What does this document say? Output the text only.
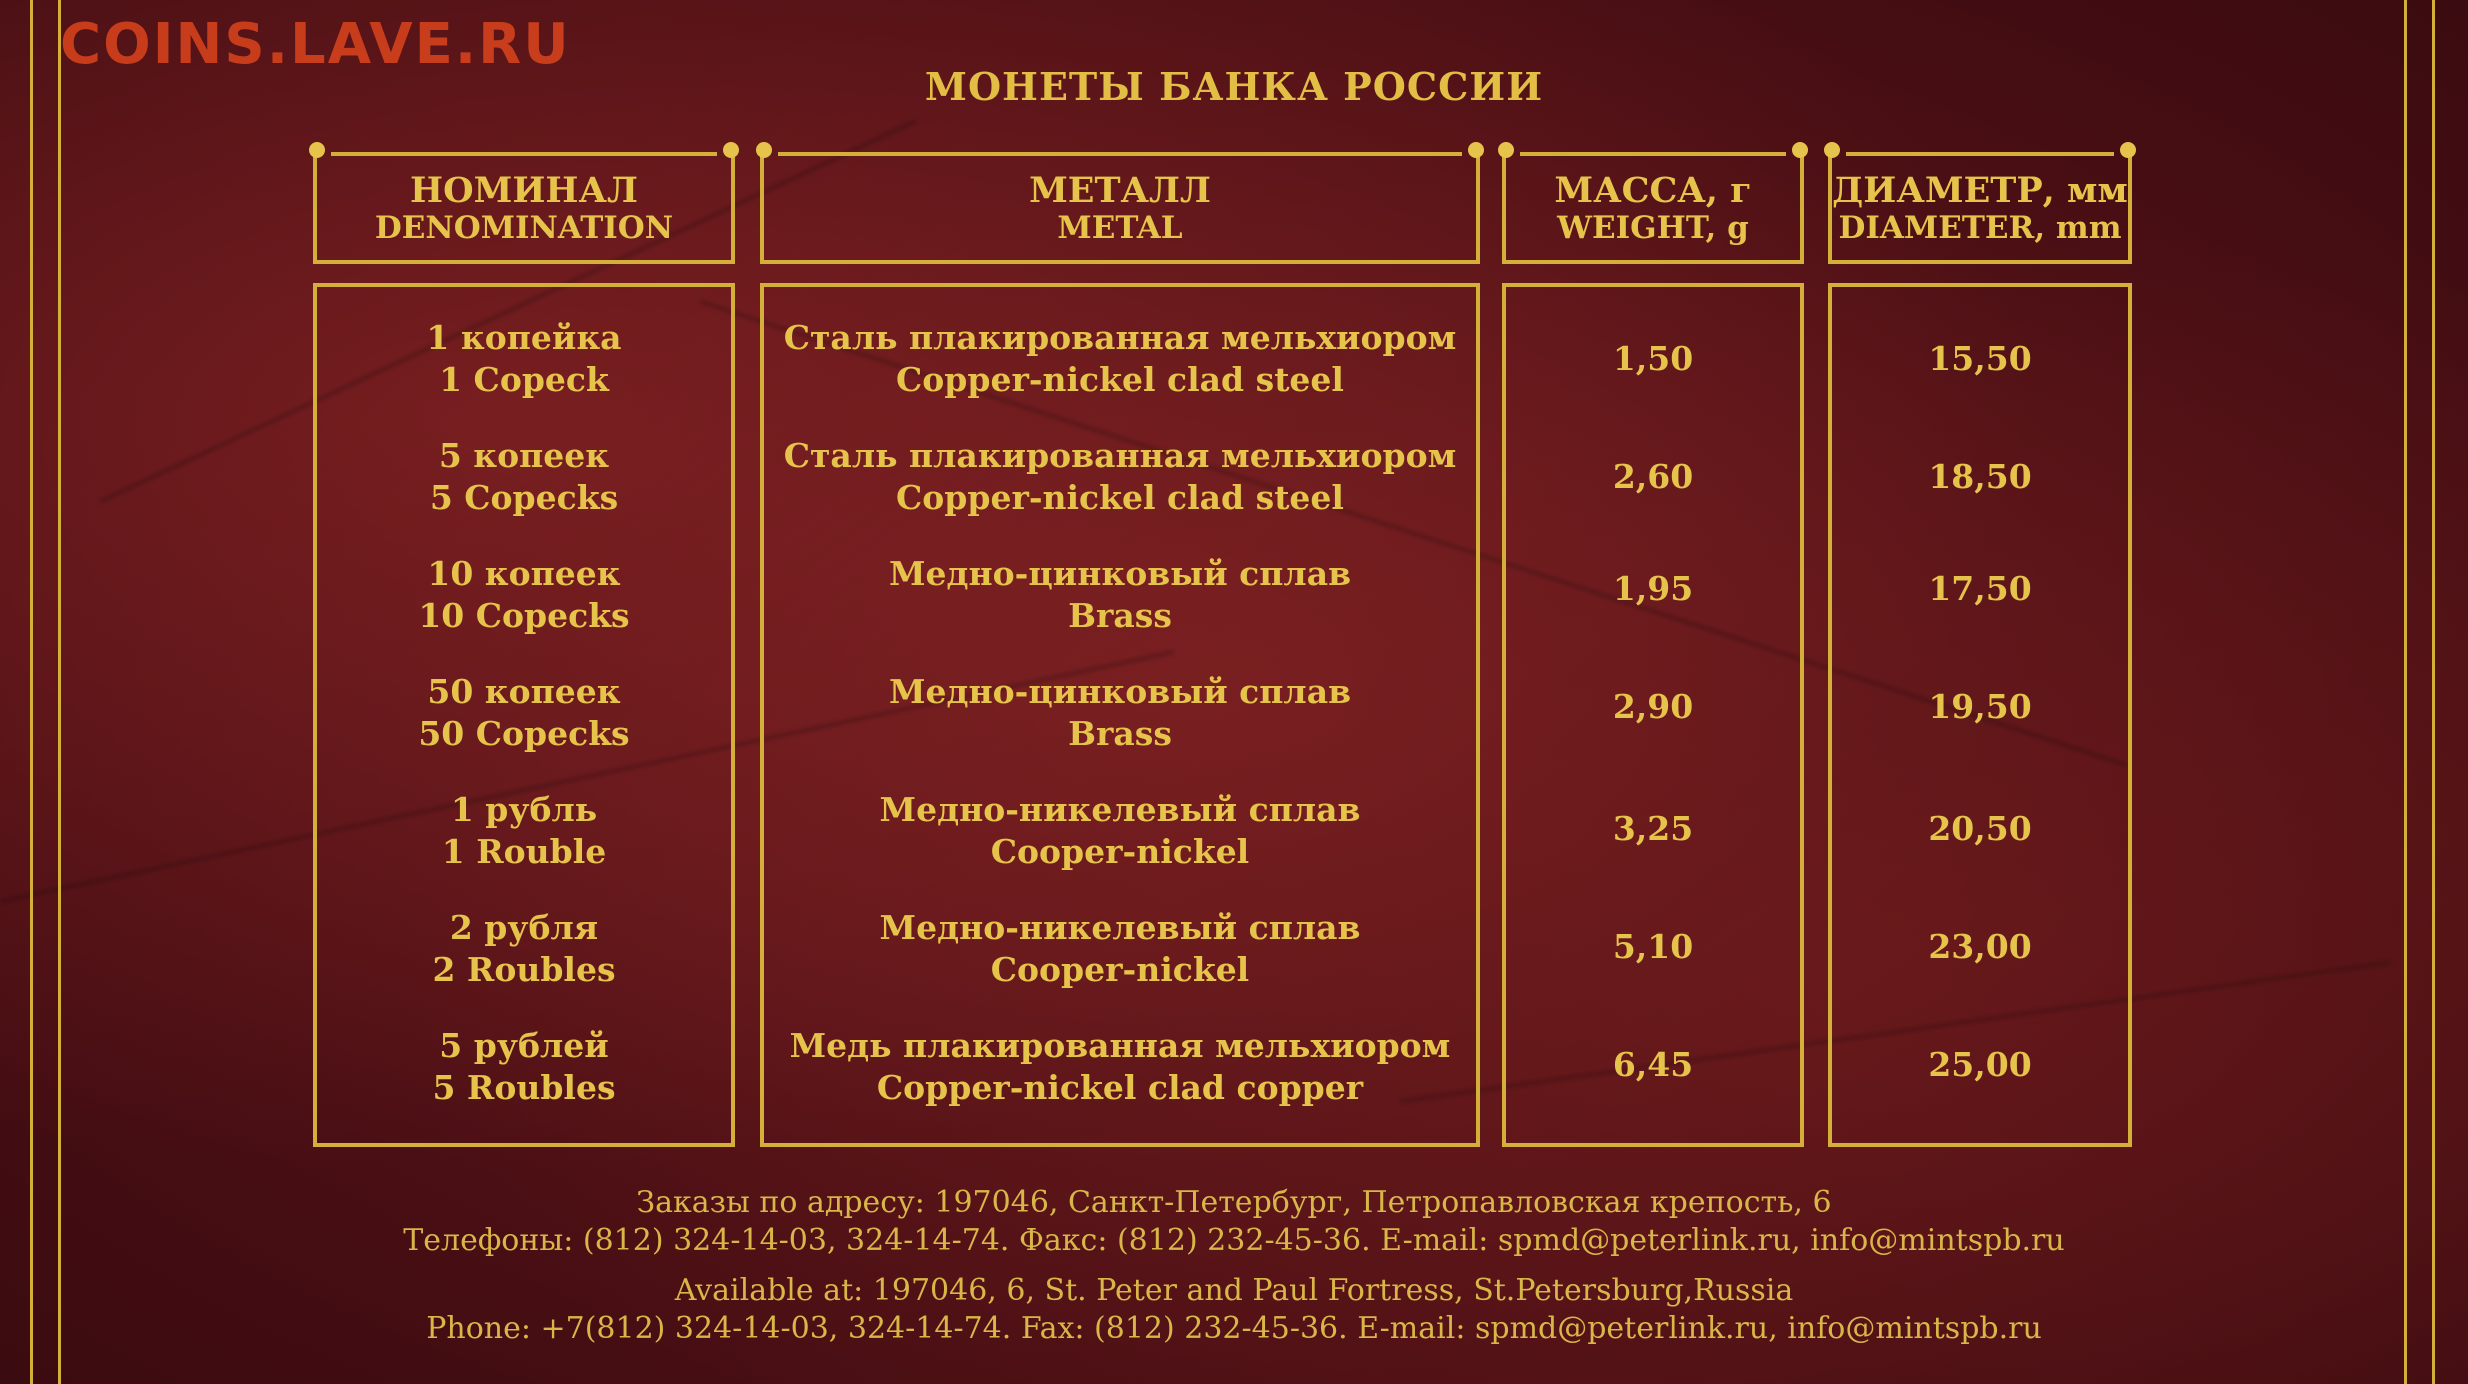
COINS.LAVE.RU
МОНЕТЫ БАНКА РОССИИ
НОМИНАЛ
DENOMINATION
МЕТАЛЛ
METAL
МАССА, г
WEIGHT, g
ДИАМЕТР, мм
DIAMETER, mm
1 копейка
1 Copeck
5 копеек
5 Copecks
10 копеек
10 Copecks
50 копеек
50 Copecks
1 рубль
1 Rouble
2 рубля
2 Roubles
5 рублей
5 Roubles
Сталь плакированная мельхиором
Copper-nickel clad steel
Сталь плакированная мельхиором
Copper-nickel clad steel
Медно-цинковый сплав
Brass
Медно-цинковый сплав
Brass
Медно-никелевый сплав
Cooper-nickel
Медно-никелевый сплав
Cooper-nickel
Медь плакированная мельхиором
Copper-nickel clad copper
1,50
2,60
1,95
2,90
3,25
5,10
6,45
15,50
18,50
17,50
19,50
20,50
23,00
25,00
Заказы по адресу: 197046, Санкт-Петербург, Петропавловская крепость, 6
Телефоны: (812) 324-14-03, 324-14-74. Факс: (812) 232-45-36. E-mail: spmd@peterlink.ru, info@mintspb.ru
Available at: 197046, 6, St. Peter and Paul Fortress, St.Petersburg,Russia
Phone: +7(812) 324-14-03, 324-14-74. Fax: (812) 232-45-36. E-mail: spmd@peterlink.ru, info@mintspb.ru
